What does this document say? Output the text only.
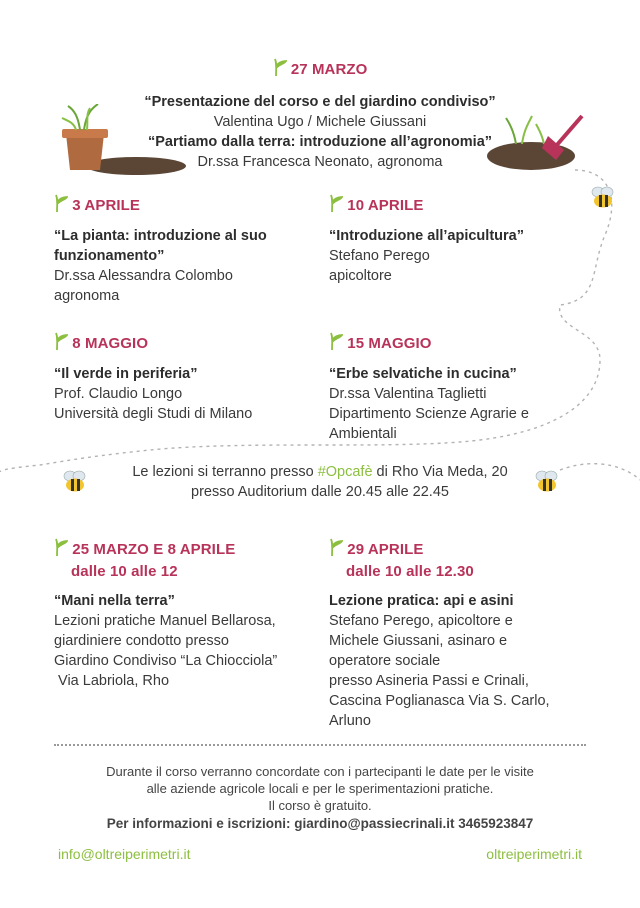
27 MARZO
“Presentazione del corso e del giardino condiviso”
Valentina Ugo / Michele Giussani
“Partiamo dalla terra: introduzione all’agronomia”
Dr.ssa Francesca Neonato, agronoma
3 APRILE
“La pianta: introduzione al suo
funzionamento”
Dr.ssa Alessandra Colombo
agronoma
10 APRILE
“Introduzione all’apicultura”
Stefano Perego
apicoltore
8 MAGGIO
“Il verde in periferia”
Prof. Claudio Longo
Università degli Studi di Milano
15 MAGGIO
“Erbe selvatiche in cucina”
Dr.ssa Valentina Taglietti
Dipartimento Scienze Agrarie e
Ambientali
Le lezioni si terranno presso #Opcafè di Rho Via Meda, 20
presso Auditorium dalle 20.45 alle 22.45
25 MARZO E 8 APRILE
dalle 10 alle 12
“Mani nella terra”
Lezioni pratiche Manuel Bellarosa,
giardiniere condotto presso
Giardino Condiviso “La Chiocciola”
Via Labriola, Rho
29 APRILE
dalle 10 alle 12.30
Lezione pratica: api e asini
Stefano Perego, apicoltore e
Michele Giussani, asinaro e
operatore sociale
presso Asineria Passi e Crinali,
Cascina Poglianasca Via S. Carlo,
Arluno
Durante il corso verranno concordate con i partecipanti le date per le visite
alle aziende agricole locali e per le sperimentazioni pratiche.
Il corso è gratuito.
Per informazioni e iscrizioni: giardino@passiecrinali.it 3465923847
info@oltreiperimetri.it	oltreiperimetri.it
